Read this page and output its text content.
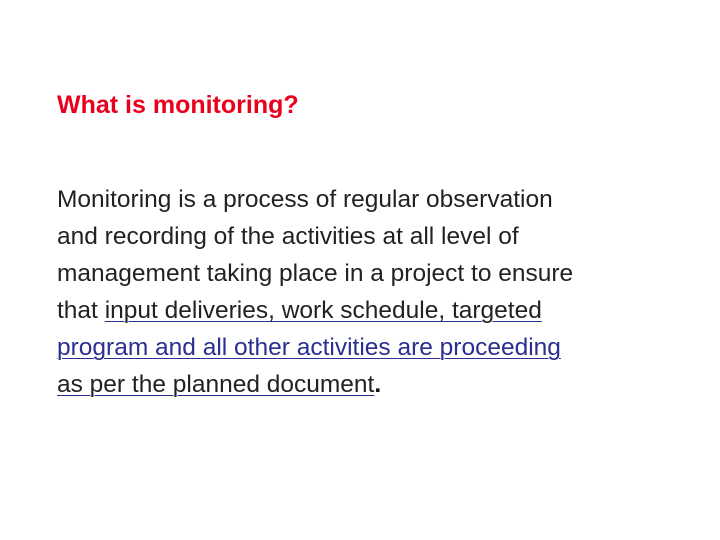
What is monitoring?
Monitoring is a process of regular observation
and recording of the activities at all level of
management taking place in a project to ensure
that input deliveries, work schedule, targeted
program and all other activities are proceeding
as per the planned document.
